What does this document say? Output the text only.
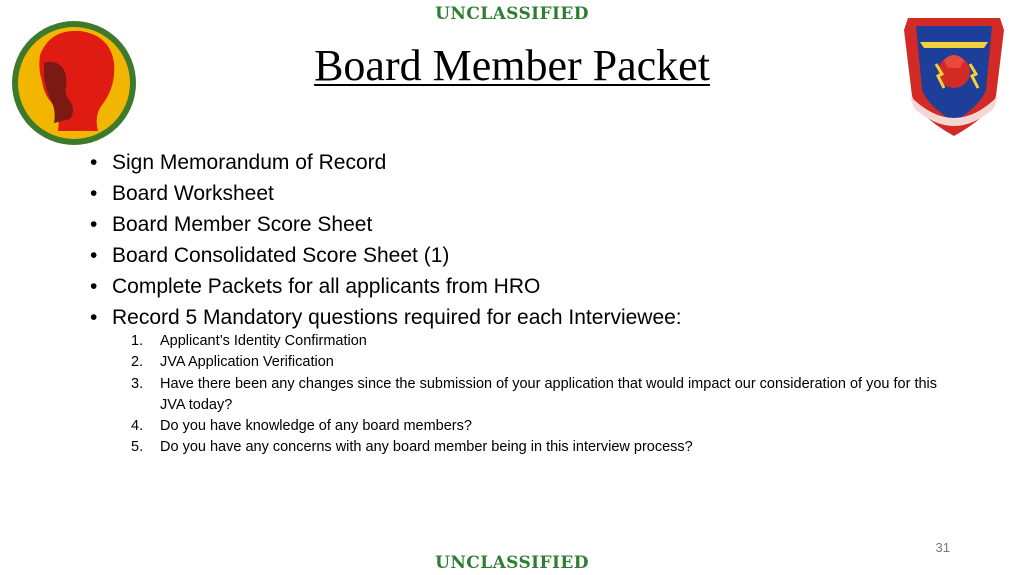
UNCLASSIFIED
Board Member Packet
• Sign Memorandum of Record
• Board Worksheet
• Board Member Score Sheet
• Board Consolidated Score Sheet (1)
• Complete Packets for all applicants from HRO
• Record 5 Mandatory questions required for each Interviewee:
1. Applicant’s Identity Confirmation
2. JVA Application Verification
3. Have there been any changes since the submission of your application that would impact our consideration of you for this JVA today?
4. Do you have knowledge of any board members?
5. Do you have any concerns with any board member being in this interview process?
31
UNCLASSIFIED
